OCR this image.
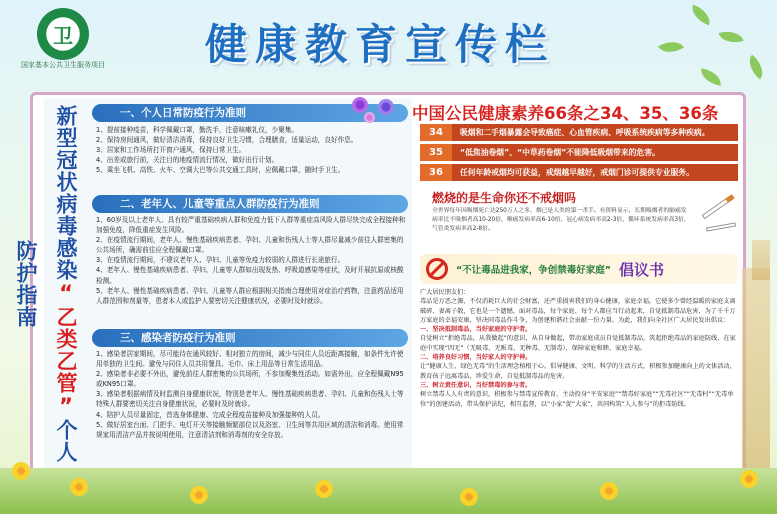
卫
国家基本公共卫生服务项目	健康教育宣传栏
新型冠状病毒感染“乙类乙管”个人防护指南
一、个人日常防疫行为准则

1、提前接种疫苗，科学佩戴口罩，勤洗手，注意咳嗽礼仪，少聚集。

2、保持房间通风，做好清洁消毒，保持良好卫生习惯，合理膳食，适量运动，良好作息。

3、居家和工作场所打开窗户通风，保持日常卫生。

4、出差或旅行前，关注目的地疫情流行情况，做好出行计划。

5、乘坐飞机、高铁、火车、空调大巴等公共交通工具时，应佩戴口罩，随时手卫生。

二、老年人、儿童等重点人群防疫行为准则

1、60岁及以上老年人、具有较严重基础疾病人群和免疫力低下人群等重症高风险人群尽快完成全程接种和加强免疫，降低重症发生风险。

2、在疫情流行期间，老年人、慢性基础疾病患者、孕妇、儿童和伤残人士等人群尽量减少前往人群密集的公共场所，确需前往应全程佩戴口罩。

3、在疫情流行期间，不建议老年人、孕妇、儿童等免疫力较弱的人群进行长途旅行。

4、老年人、慢性基础疾病患者、孕妇、儿童等人群如出现发热、呼吸道感染等症状，及时开展抗原或核酸检测。

5、老年人、慢性基础疾病患者、孕妇、儿童等人群应根据相关指南合理使用对症治疗药物，注意药品适用人群范围和剂量等，患者本人或监护人要密切关注健康状况，必要时及时就诊。

三、感染者防疫行为准则

1、感染者居家期间，尽可能待在通风较好、相对独立的房间，减少与同住人员近距离接触，如条件允许使用单独的卫生间。避免与同住人员共用餐具、毛巾、床上用品等日常生活用品。

2、感染者非必要不外出，避免前往人群密集的公共场所，不参加聚集性活动。如需外出，应全程佩戴N95或KN95口罩。

3、感染者根据病情及时监测自身健康状况，特别是老年人、慢性基础疾病患者、孕妇、儿童和伤残人士等特殊人群要密切关注自身健康状况，必要时及时就诊。

4、陪护人员尽量固定，首选身体健康、完成全程疫苗接种及加强接种的人员。

5、做好居室台面、门把手、电灯开关等接触频繁部位以及浴室、卫生间等共用区域的清洁和消毒。使用常规家用清洁产品并按说明使用，注意清洁剂和消毒剂的安全存放。

中国公民健康素养66条之34、35、36条
34	吸烟和二手烟暴露会导致癌症、心血管疾病、呼吸系统疾病等多种疾病。
35	“低焦油卷烟”、“中草药卷烟”不能降低吸烟带来的危害。
36	任何年龄戒烟均可获益，戒烟越早越好，戒烟门诊可提供专业服务。
燃烧的是生命你还不戒烟吗
全世界每年因吸烟死亡达250万人之多，烟已是人类的第一杀手。有资料显示，长期吸烟者的肺癌发病率比不吸烟者高10-20倍，喉癌发病率高6-10倍，冠心病发病率高2-3倍，循环系统发病率高3倍，气管炎发病率高2-8倍。
“不让毒品进我家，争创禁毒好家庭” 倡议书

广大居民朋友们：

毒品是万恶之源，不仅消耗巨大的社会财富，还严重损害我们的身心健康，家庭幸福，它使多少曾经温暖的家庭支离破碎、妻离子散，它也是一个遗憾，面对毒品，每个家庭、每个人都应当行动起来，自觉抵制毒品危害，为了千千万万家庭的幸福安康，坚决同毒品作斗争，为创建和谐社会贡献一份力量。为此，我们向全社区广大居民发出倡议：

一、坚决抵制毒品，当好家庭的守护者。

自觉树立“拒绝毒品，从我做起”的意识，从自身做起，带动家庭成员自觉抵制毒品，筑起拒绝毒品的家庭防线，在家庭中实现“四无”（无吸毒、无贩毒、无种毒、无制毒），保障家庭和睦、家庭幸福。

二、培养良好习惯，当好家人的守护神。

让“健康人生，绿色无毒”的生活理念植根于心。倡导健康、文明、科学的生活方式，积极参加健康向上的文体活动，教育孩子远离毒品，珍爱生命，自觉抵制毒品的危害。

三、树立责任意识，当好禁毒的参与者。

树立禁毒人人有责的意识，积极参与禁毒宣传教育，主动投身“平安家庭”“禁毒好家庭”“无毒社区”“无毒村”“无毒单位”的创建活动，带头保护法纪，相互监督，以“小家”促“大家”，共同构筑“人人参与”的拒毒防线。
